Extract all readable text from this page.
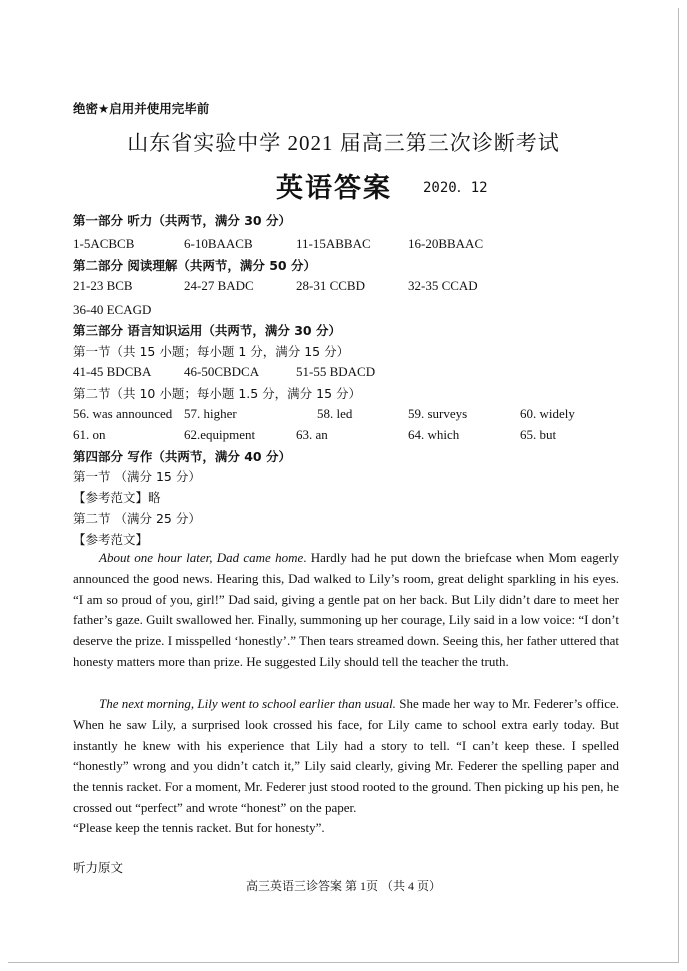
绝密★启用并使用完毕前
山东省实验中学 2021 届高三第三次诊断考试
英语答案 2020．12
第一部分 听力（共两节，满分 30 分）
1-5ACBCB	6-10BAACB	11-15ABBAC	16-20BBAAC
第二部分 阅读理解（共两节，满分 50 分）
21-23 BCB	24-27 BADC	28-31 CCBD	32-35 CCAD
36-40 ECAGD
第三部分 语言知识运用（共两节，满分 30 分）
第一节（共 15 小题；每小题 1 分，满分 15 分）
41-45 BDCBA	46-50CBDCA	51-55 BDACD
第二节（共 10 小题；每小题 1.5 分，满分 15 分）
56. was announced 57. higher	58. led	59. surveys	60. widely
61. on	62.equipment	63. an	64. which	65. but
第四部分 写作（共两节，满分 40 分）
第一节 （满分 15 分）
【参考范文】略
第二节 （满分 25 分）
【参考范文】
About one hour later, Dad came home. Hardly had he put down the briefcase when Mom eagerly announced the good news. Hearing this, Dad walked to Lily’s room, great delight sparkling in his eyes. “I am so proud of you, girl!” Dad said, giving a gentle pat on her back. But Lily didn’t dare to meet her father’s gaze. Guilt swallowed her. Finally, summoning up her courage, Lily said in a low voice: “I don’t deserve the prize. I misspelled ‘honestly’.” Then tears streamed down. Seeing this, her father uttered that honesty matters more than prize. He suggested Lily should tell the teacher the truth.
The next morning, Lily went to school earlier than usual. She made her way to Mr. Federer’s office. When he saw Lily, a surprised look crossed his face, for Lily came to school extra early today. But instantly he knew with his experience that Lily had a story to tell. “I can’t keep these. I spelled “honestly” wrong and you didn’t catch it,” Lily said clearly, giving Mr. Federer the spelling paper and the tennis racket. For a moment, Mr. Federer just stood rooted to the ground. Then picking up his pen, he crossed out “perfect” and wrote “honest” on the paper.
“Please keep the tennis racket. But for honesty”.
听力原文
高三英语三诊答案 第 1页 （共 4 页）
